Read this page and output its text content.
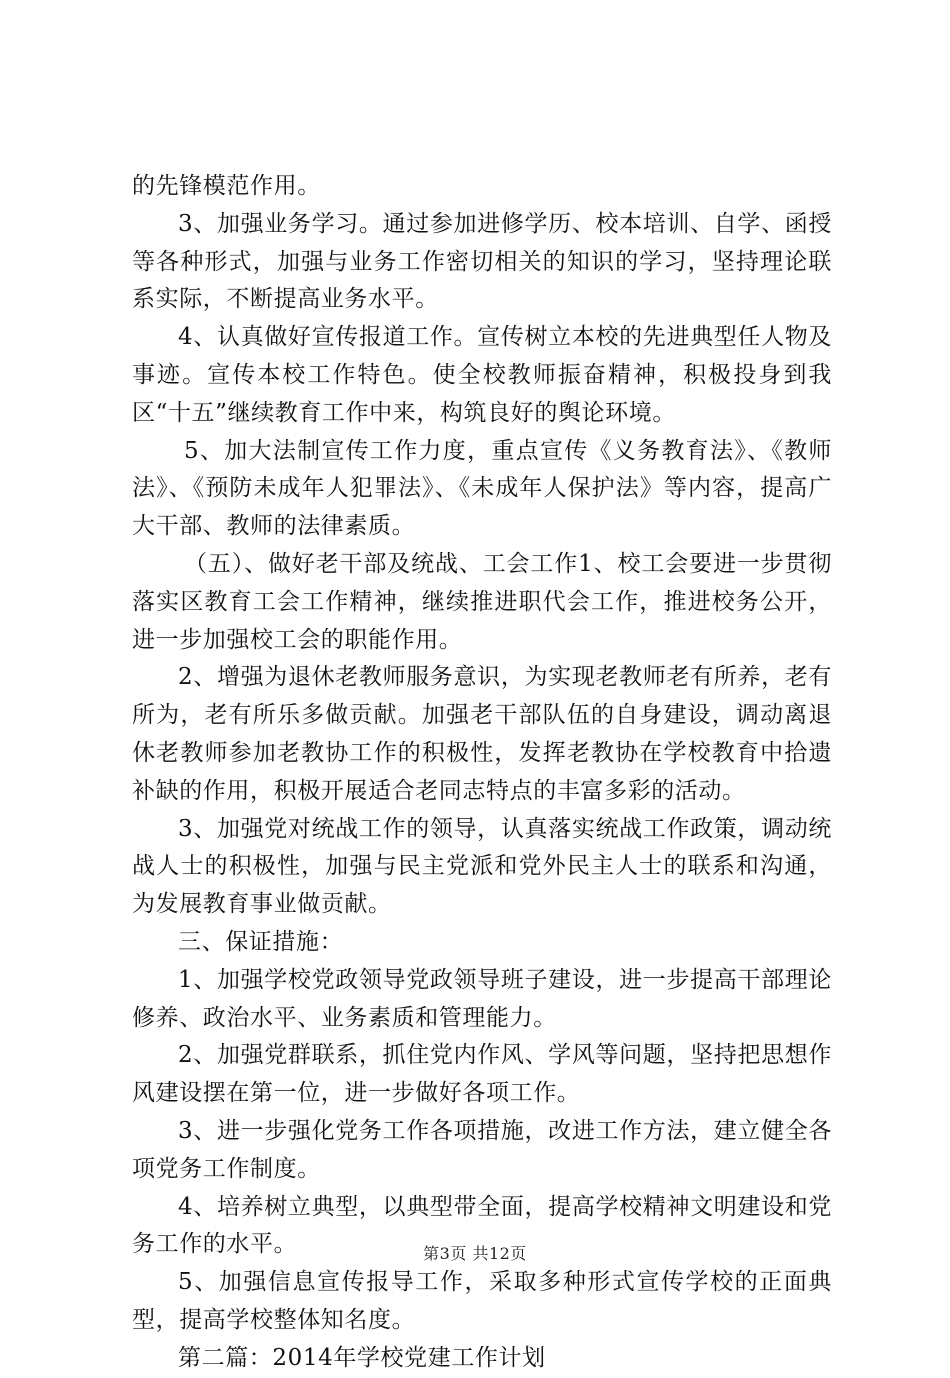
的先锋模范作用。

3、加强业务学习。通过参加进修学历、校本培训、自学、函授等各种形式，加强与业务工作密切相关的知识的学习，坚持理论联系实际，不断提高业务水平。

4、认真做好宣传报道工作。宣传树立本校的先进典型任人物及事迹。宣传本校工作特色。使全校教师振奋精神，积极投身到我区“十五”继续教育工作中来，构筑良好的舆论环境。

5、加大法制宣传工作力度，重点宣传《义务教育法》、《教师法》、《预防未成年人犯罪法》、《未成年人保护法》等内容，提高广大干部、教师的法律素质。

（五）、做好老干部及统战、工会工作1、校工会要进一步贯彻落实区教育工会工作精神，继续推进职代会工作，推进校务公开，进一步加强校工会的职能作用。

2、增强为退休老教师服务意识，为实现老教师老有所养，老有所为，老有所乐多做贡献。加强老干部队伍的自身建设，调动离退休老教师参加老教协工作的积极性，发挥老教协在学校教育中拾遗补缺的作用，积极开展适合老同志特点的丰富多彩的活动。

3、加强党对统战工作的领导，认真落实统战工作政策，调动统战人士的积极性，加强与民主党派和党外民主人士的联系和沟通，为发展教育事业做贡献。

三、保证措施：

1、加强学校党政领导党政领导班子建设，进一步提高干部理论修养、政治水平、业务素质和管理能力。

2、加强党群联系，抓住党内作风、学风等问题，坚持把思想作风建设摆在第一位，进一步做好各项工作。

3、进一步强化党务工作各项措施，改进工作方法，建立健全各项党务工作制度。

4、培养树立典型，以典型带全面，提高学校精神文明建设和党务工作的水平。

5、加强信息宣传报导工作，采取多种形式宣传学校的正面典型，提高学校整体知名度。

第二篇：2014年学校党建工作计划

第3页 共12页
